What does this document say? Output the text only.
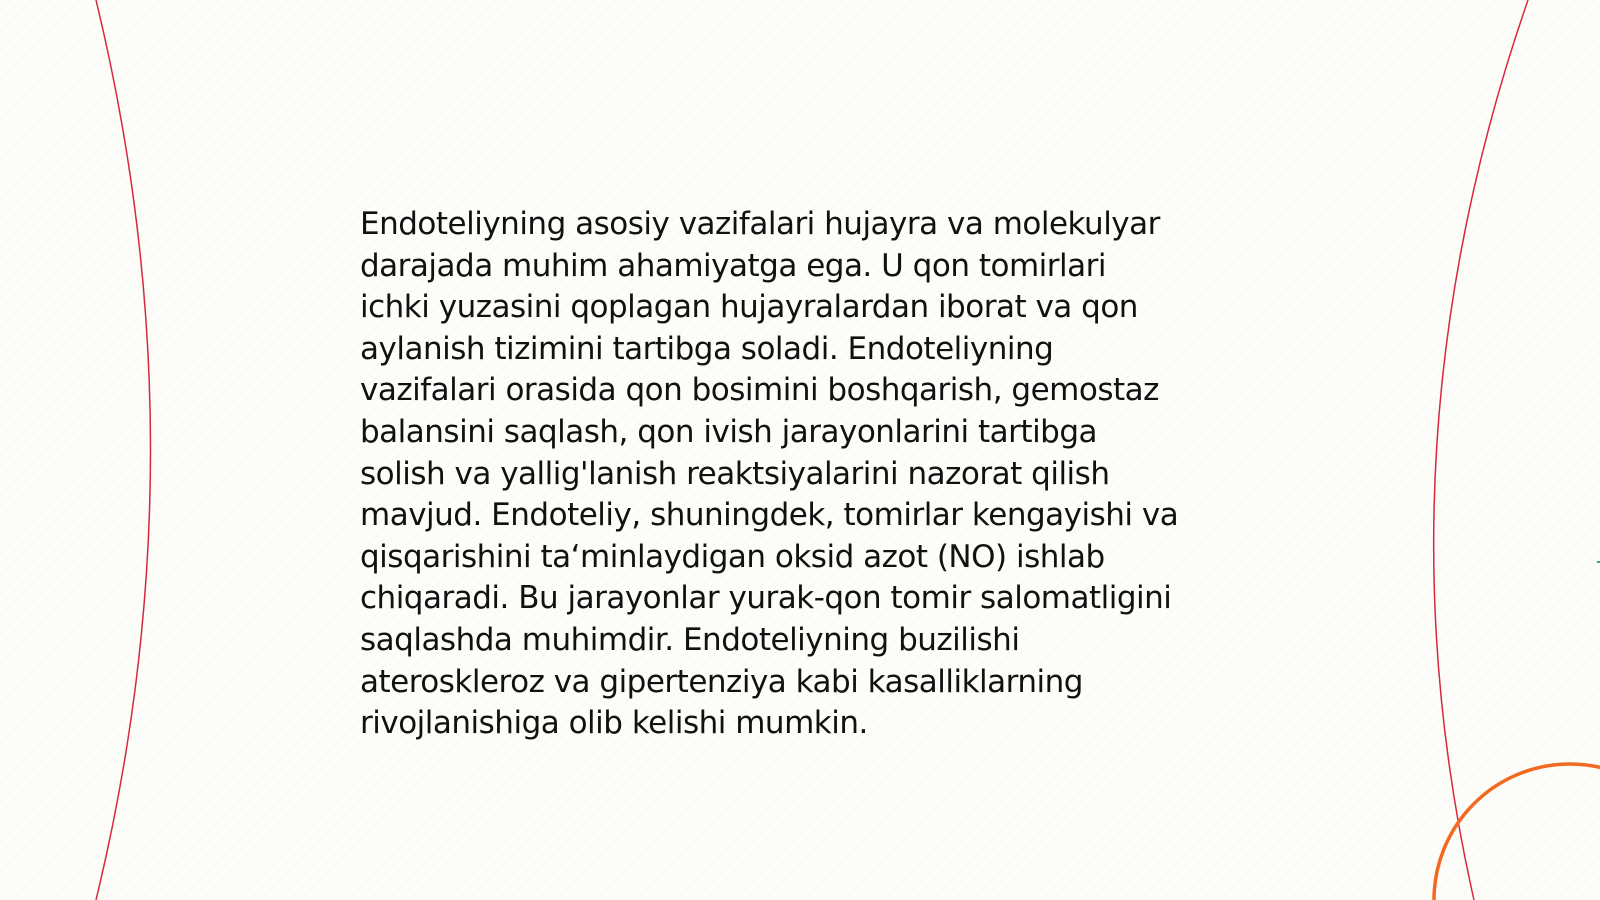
Endoteliyning asosiy vazifalari hujayra va molekulyar
darajada muhim ahamiyatga ega. U qon tomirlari
ichki yuzasini qoplagan hujayralardan iborat va qon
aylanish tizimini tartibga soladi. Endoteliyning
vazifalari orasida qon bosimini boshqarish, gemostaz
balansini saqlash, qon ivish jarayonlarini tartibga
solish va yallig'lanish reaktsiyalarini nazorat qilish
mavjud. Endoteliy, shuningdek, tomirlar kengayishi va
qisqarishini taʻminlaydigan oksid azot (NO) ishlab
chiqaradi. Bu jarayonlar yurak-qon tomir salomatligini
saqlashda muhimdir. Endoteliyning buzilishi
ateroskleroz va gipertenziya kabi kasalliklarning
rivojlanishiga olib kelishi mumkin.
